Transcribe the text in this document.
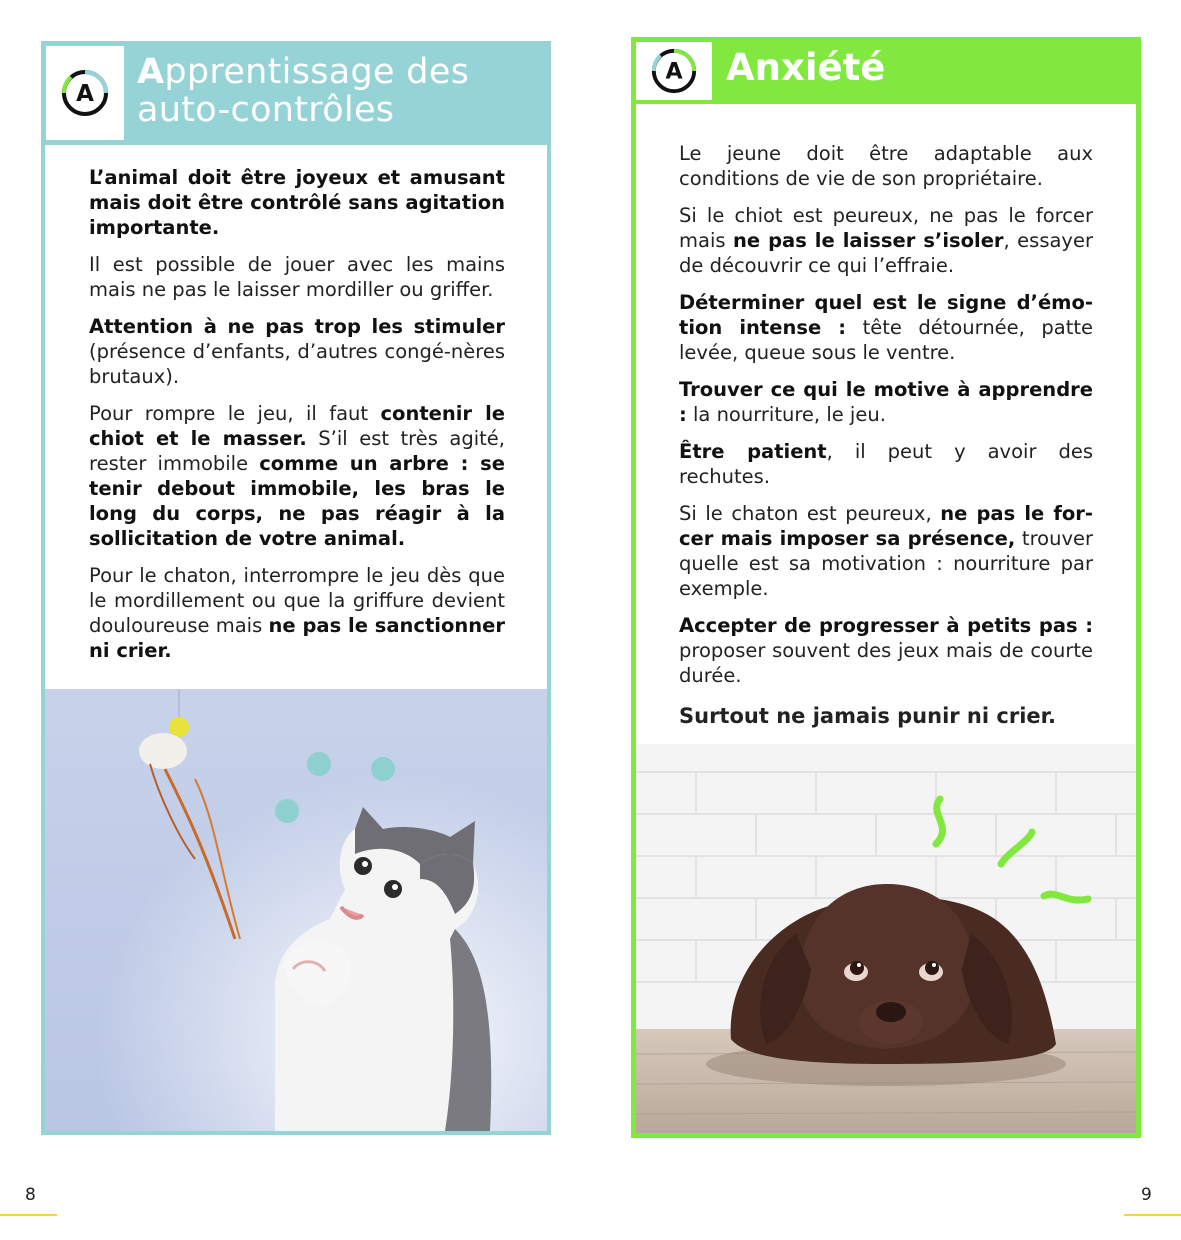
A
Apprentissage des
auto-contrôles

L’animal doit être joyeux et amusant mais doit être contrôlé sans agitation importante.

Il est possible de jouer avec les mains mais ne pas le laisser mordiller ou griffer.

Attention à ne pas trop les stimuler (présence d’enfants, d’autres congé-nères brutaux).

Pour rompre le jeu, il faut contenir le chiot et le masser. S’il est très agité, rester immobile comme un arbre : se tenir debout immobile, les bras le long du corps, ne pas réagir à la sollicitation de votre animal.

Pour le chaton, interrompre le jeu dès que le mordillement ou que la griffure devient douloureuse mais ne pas le sanctionner ni crier.

A Anxiété

Le jeune doit être adaptable aux conditions de vie de son propriétaire.

Si le chiot est peureux, ne pas le forcer mais ne pas le laisser s’isoler, essayer de découvrir ce qui l’effraie.

Déterminer quel est le signe d’émo-tion intense : tête détournée, patte levée, queue sous le ventre.

Trouver ce qui le motive à apprendre : la nourriture, le jeu.

Être patient, il peut y avoir des rechutes.

Si le chaton est peureux, ne pas le for-cer mais imposer sa présence, trouver quelle est sa motivation : nourriture par exemple.

Accepter de progresser à petits pas : proposer souvent des jeux mais de courte durée.

Surtout ne jamais punir ni crier.

8	9
